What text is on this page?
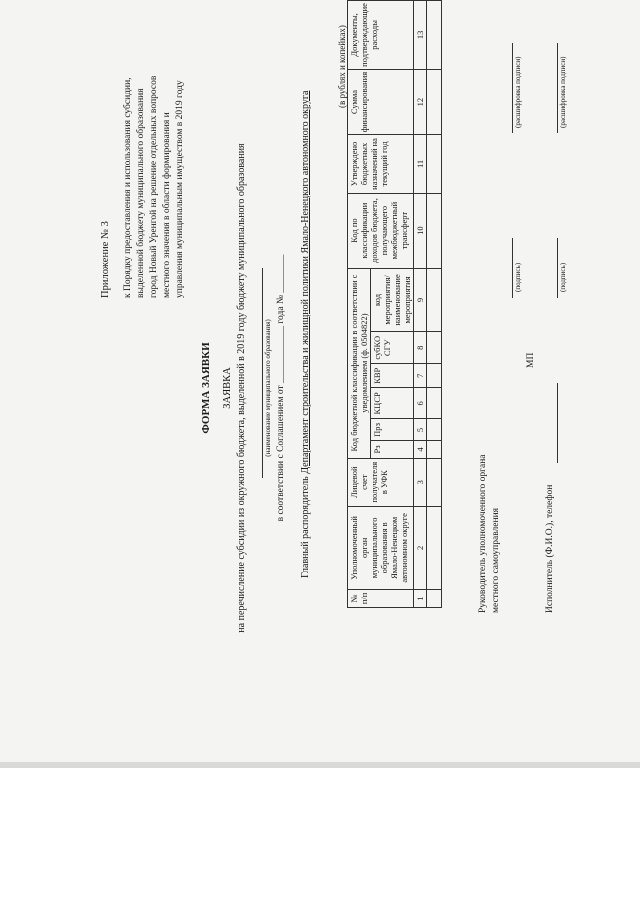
Приложение № 3 к Порядку предоставления и использования субсидии, выделенной бюджету муниципального образования город Новый Уренгой на решение отдельных вопросов местного значения в области формирования и управления муниципальным имуществом в 2019 году
ФОРМА ЗАЯВКИ ЗАЯВКА на перечисление субсидии из окружного бюджета, выделенной в 2019 году бюджету муниципального образования (наименование муниципального образования) в соответствии с Соглашением от ____________ года № ________
Главный распорядитель Департамент строительства и жилищной политики Ямало-Ненецкого автономного округа
(в рублях и копейках)
№ п/п	Уполномоченный орган муниципального образования в Ямало-Ненецком автономном округе	Лицевой счет получателя в УФК	Код бюджетной классификации в соответствии с уведомлением (ф. 0504822)						Код по классификации доходов бюджета, получающего межбюджетный трансферт	Утверждено бюджетных назначений на текущий год	Сумма финансирования	Документы, подтверждающие расходы
			Рз	Прз	КЦСР	КВР	субКО СГУ	код мероприятия/ наименование мероприятия				
1	2	3	4	5	6	7	8	9	10	11	12	13

Руководитель уполномоченного органа местного самоуправления
(подпись)
(расшифровка подписи)
МП
Исполнитель (Ф.И.О.), телефон
(подпись)
(расшифровка подписи)
